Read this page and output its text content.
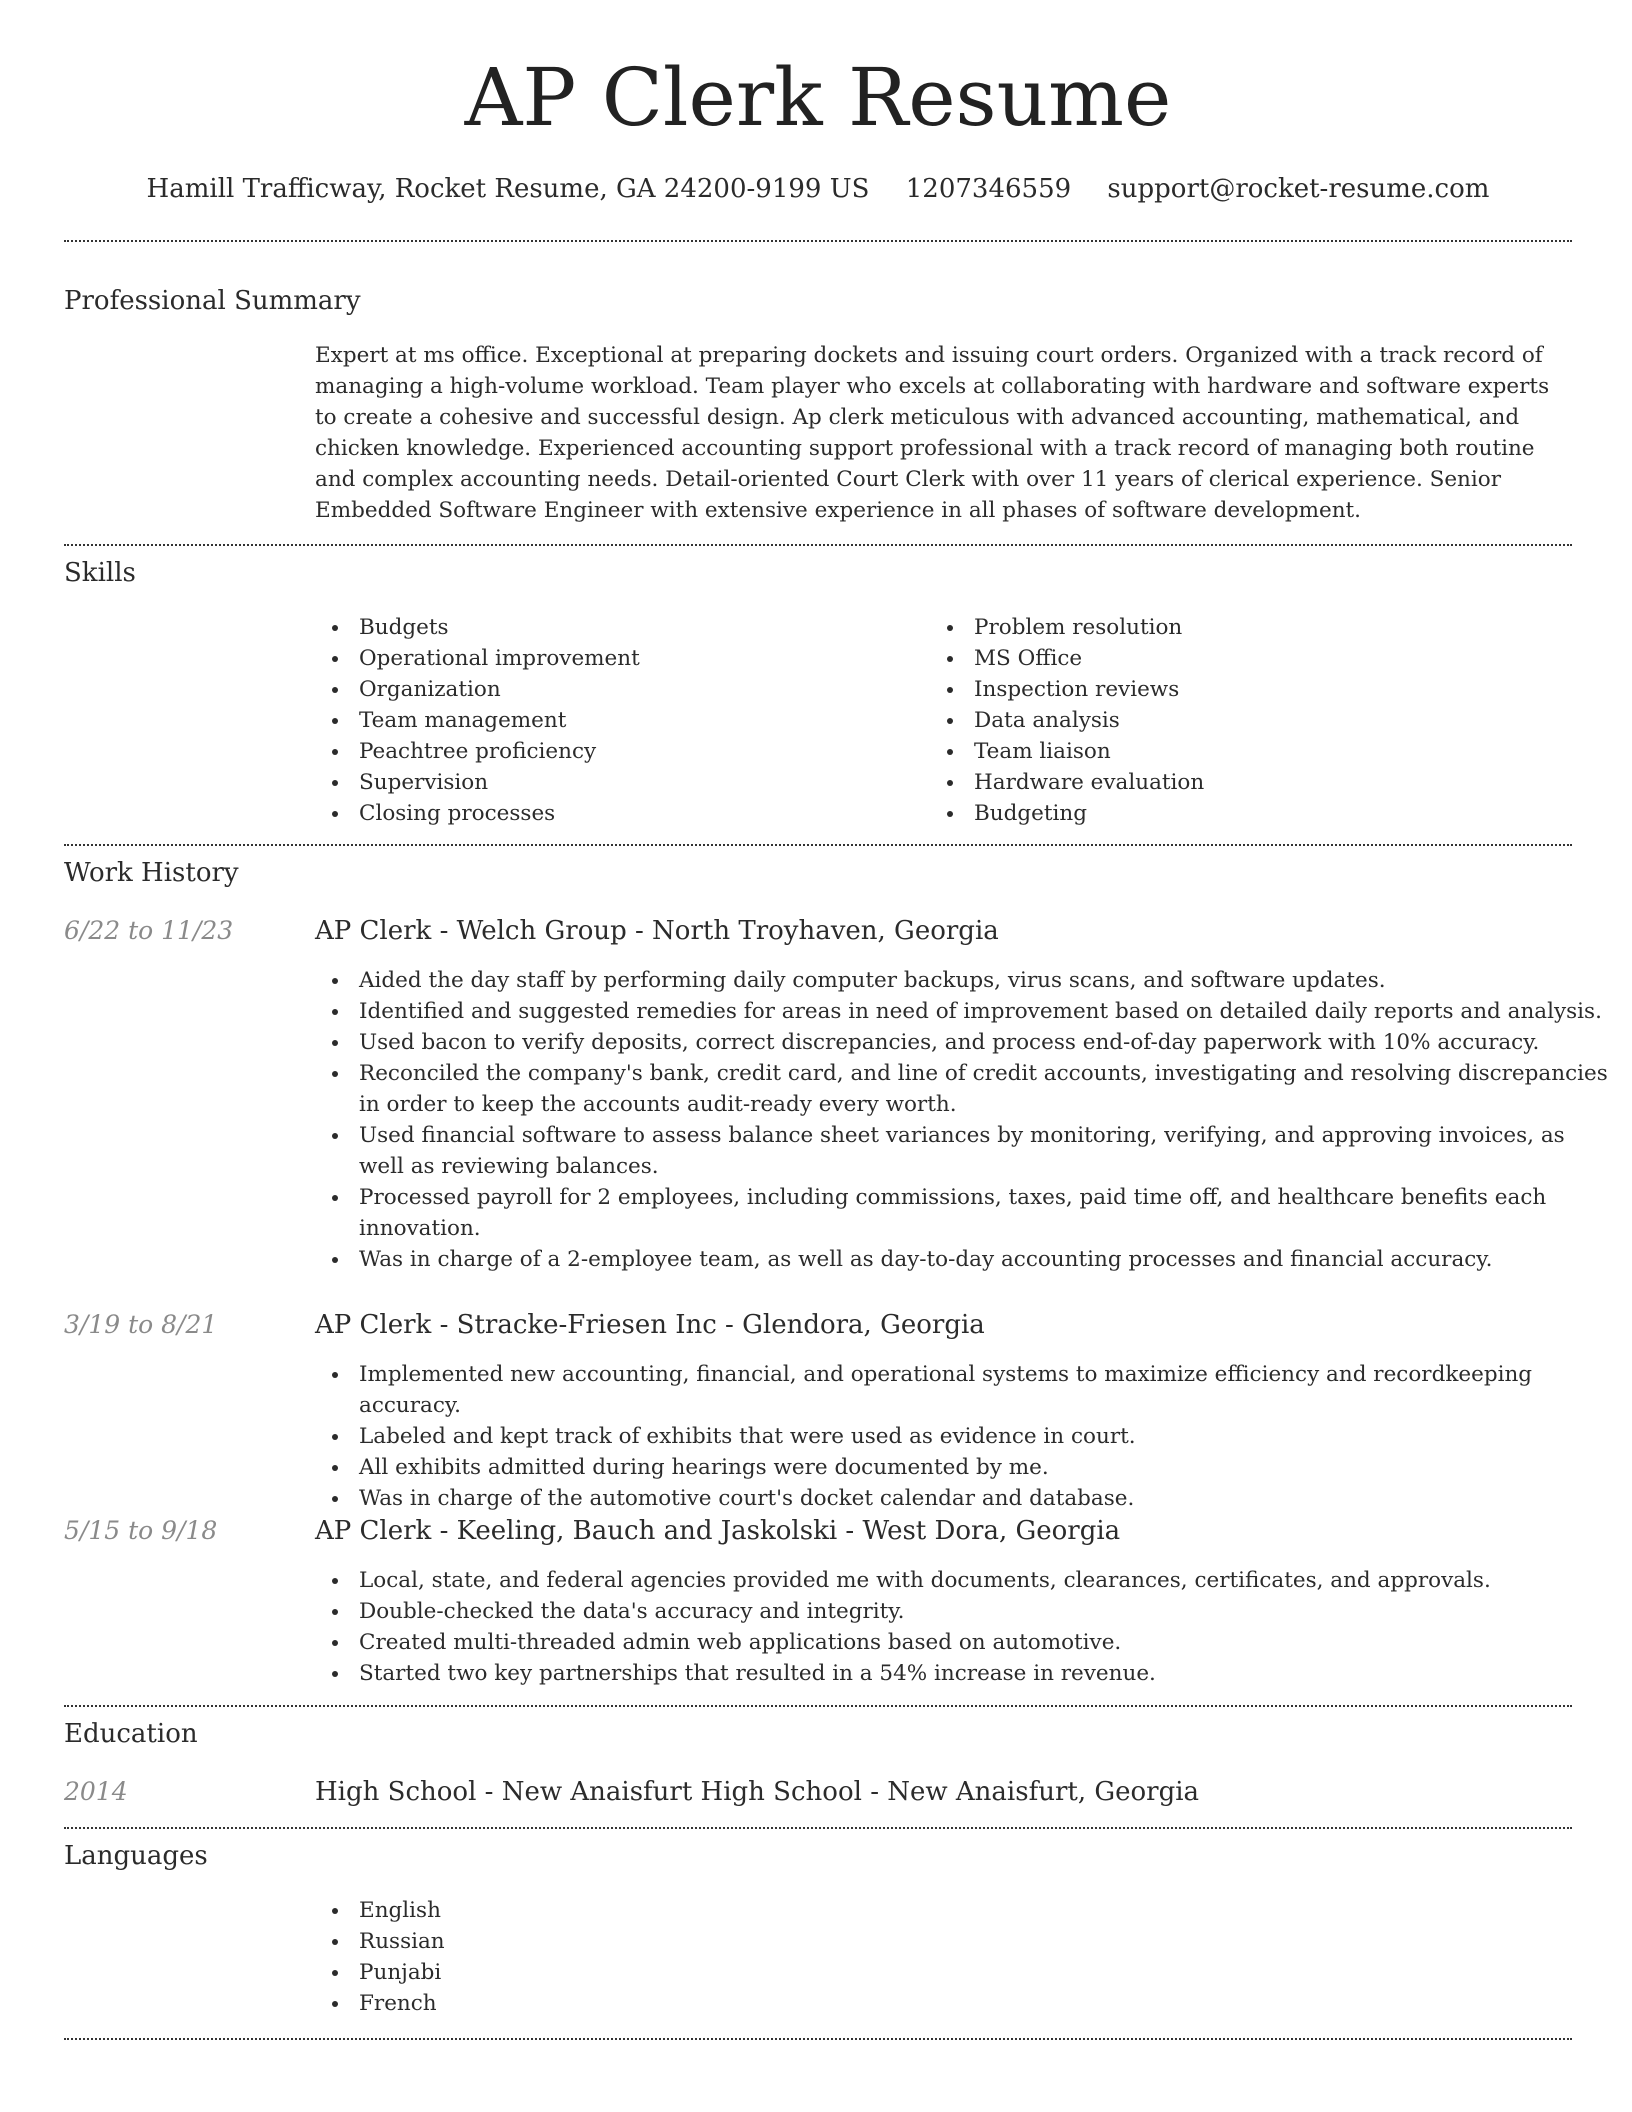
AP Clerk Resume
Hamill Trafficway, Rocket Resume, GA 24200-9199 US 1207346559 support@rocket-resume.com
Professional Summary

Expert at ms office. Exceptional at preparing dockets and issuing court orders. Organized with a track record of managing a high-volume workload. Team player who excels at collaborating with hardware and software experts to create a cohesive and successful design. Ap clerk meticulous with advanced accounting, mathematical, and chicken knowledge. Experienced accounting support professional with a track record of managing both routine and complex accounting needs. Detail-oriented Court Clerk with over 11 years of clerical experience. Senior Embedded Software Engineer with extensive experience in all phases of software development.

Skills
Budgets
Operational improvement
Organization
Team management
Peachtree proficiency
Supervision
Closing processes
Problem resolution
MS Office
Inspection reviews
Data analysis
Team liaison
Hardware evaluation
Budgeting
Work History
6/22 to 11/23	AP Clerk - Welch Group - North Troyhaven, Georgia
Aided the day staff by performing daily computer backups, virus scans, and software updates.
Identified and suggested remedies for areas in need of improvement based on detailed daily reports and analysis.
Used bacon to verify deposits, correct discrepancies, and process end-of-day paperwork with 10% accuracy.
Reconciled the company's bank, credit card, and line of credit accounts, investigating and resolving discrepancies in order to keep the accounts audit-ready every worth.
Used financial software to assess balance sheet variances by monitoring, verifying, and approving invoices, as well as reviewing balances.
Processed payroll for 2 employees, including commissions, taxes, paid time off, and healthcare benefits each innovation.
Was in charge of a 2-employee team, as well as day-to-day accounting processes and financial accuracy.
3/19 to 8/21	AP Clerk - Stracke-Friesen Inc - Glendora, Georgia
Implemented new accounting, financial, and operational systems to maximize efficiency and recordkeeping accuracy.
Labeled and kept track of exhibits that were used as evidence in court.
All exhibits admitted during hearings were documented by me.
Was in charge of the automotive court's docket calendar and database.
5/15 to 9/18	AP Clerk - Keeling, Bauch and Jaskolski - West Dora, Georgia
Local, state, and federal agencies provided me with documents, clearances, certificates, and approvals.
Double-checked the data's accuracy and integrity.
Created multi-threaded admin web applications based on automotive.
Started two key partnerships that resulted in a 54% increase in revenue.
Education
2014	High School - New Anaisfurt High School - New Anaisfurt, Georgia
Languages
English
Russian
Punjabi
French
